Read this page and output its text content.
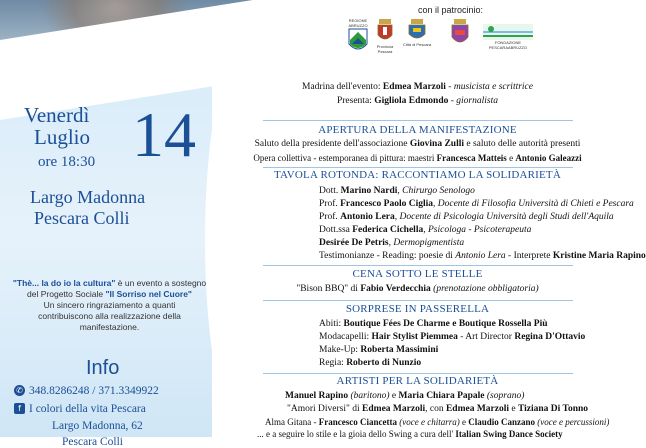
con il patrocinio:
REGIONE ABRUZZO
Provincia Pescara
Città di Pescara	FONDAZIONE PESCARAABRUZZO
Venerdì
Luglio
ore 18:30 14
Largo Madonna
Pescara Colli
"Thè... la do io la cultura" è un evento a sostegno
del Progetto Sociale "Il Sorriso nel Cuore"
Un sincero ringraziamento a quanti
contribuiscono alla realizzazione della
manifestazione.
Info
✆ 348.8286248 / 371.3349922
f I colori della vita Pescara
Largo Madonna, 62
Pescara Colli
Madrina dell'evento: Edmea Marzoli - musicista e scrittrice
Presenta: Gigliola Edmondo - giornalista
APERTURA DELLA MANIFESTAZIONE
Saluto della presidente dell'associazione Giovina Zulli e saluto delle autorità presenti
Opera collettiva - estemporanea di pittura: maestri Francesca Matteis e Antonio Galeazzi
TAVOLA ROTONDA: RACCONTIAMO LA SOLIDARIETÀ
Dott. Marino Nardi, Chirurgo Senologo
Prof. Francesco Paolo Ciglia, Docente di Filosofia Università di Chieti e Pescara
Prof. Antonio Lera, Docente di Psicologia Università degli Studi dell'Aquila
Dott.ssa Federica Cichella, Psicologa - Psicoterapeuta
Desirée De Petris, Dermopigmentista
Testimonianze - Reading: poesie di Antonio Lera - Interprete Kristine Maria Rapino
CENA SOTTO LE STELLE
"Bison BBQ" di Fabio Verdecchia (prenotazione obbligatoria)
SORPRESE IN PASSERELLA
Abiti: Boutique Fées De Charme e Boutique Rossella Più
Modacapelli: Hair Stylist Piemmea - Art Director Regina D'Ottavio
Make-Up: Roberta Massimini
Regia: Roberto di Nunzio
ARTISTI PER LA SOLIDARIETÀ
Manuel Rapino (baritono) e Maria Chiara Papale (soprano)
"Amori Diversi" di Edmea Marzoli, con Edmea Marzoli e Tiziana Di Tonno
Alma Gitana - Francesco Ciancetta (voce e chitarra) e Claudio Canzano (voce e percussioni)
... e a seguire lo stile e la gioia dello Swing a cura dell' Italian Swing Dance Society
